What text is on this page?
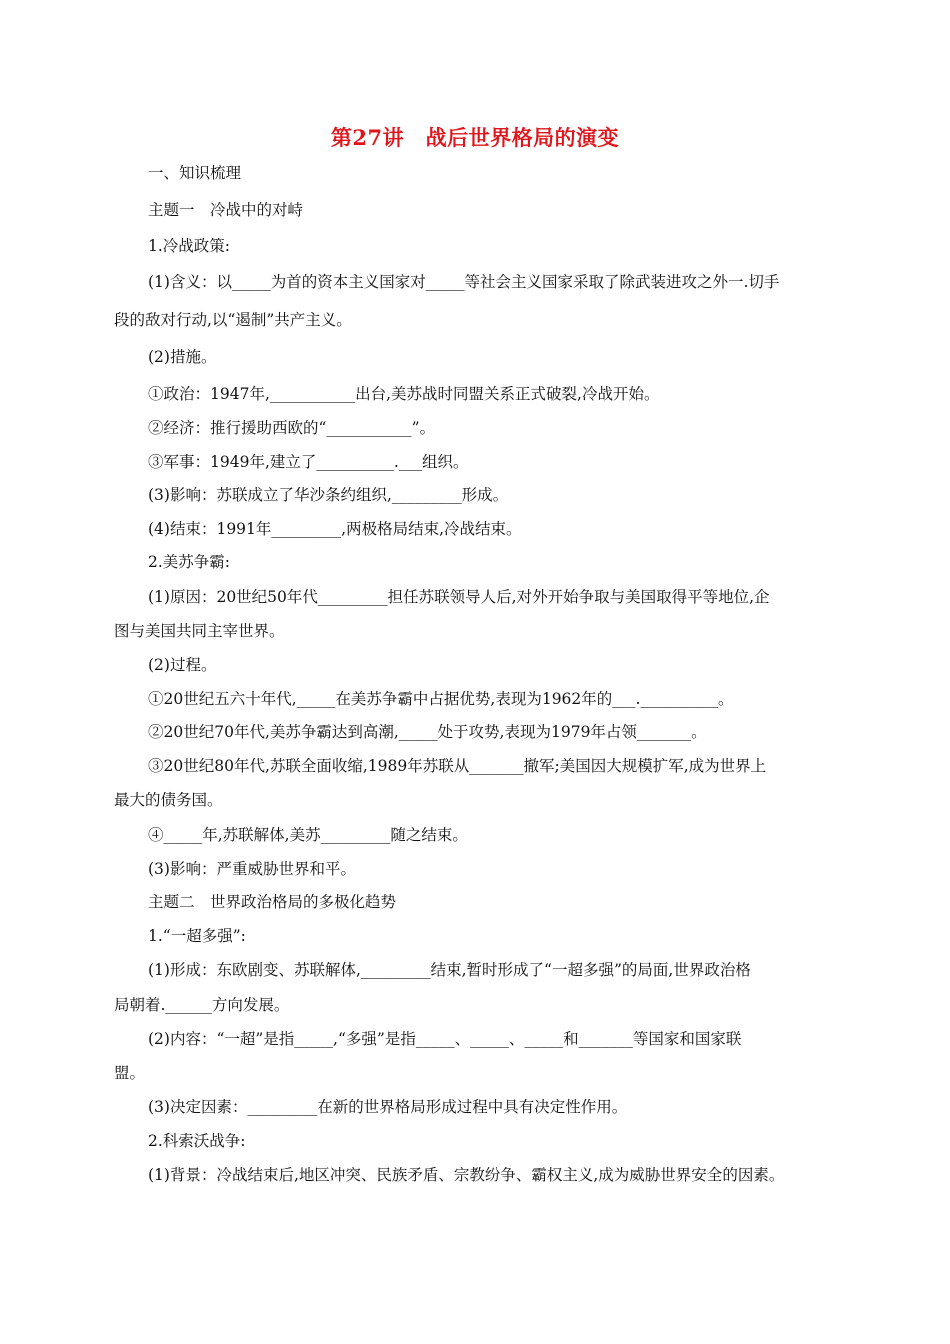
第27讲　战后世界格局的演变
一、知识梳理
主题一　冷战中的对峙
1.冷战政策:
(1)含义：以_____为首的资本主义国家对_____等社会主义国家采取了除武装进攻之外一.切手
段的敌对行动,以“遏制”共产主义。
(2)措施。
①政治：1947年,___________出台,美苏战时同盟关系正式破裂,冷战开始。
②经济：推行援助西欧的“___________”。
③军事：1949年,建立了__________.___组织。
(3)影响：苏联成立了华沙条约组织,_________形成。
(4)结束：1991年_________,两极格局结束,冷战结束。
2.美苏争霸:
(1)原因：20世纪50年代_________担任苏联领导人后,对外开始争取与美国取得平等地位,企
图与美国共同主宰世界。
(2)过程。
①20世纪五六十年代,_____在美苏争霸中占据优势,表现为1962年的___.__________。
②20世纪70年代,美苏争霸达到高潮,_____处于攻势,表现为1979年占领_______。
③20世纪80年代,苏联全面收缩,1989年苏联从_______撤军;美国因大规模扩军,成为世界上
最大的债务国。
④_____年,苏联解体,美苏_________随之结束。
(3)影响：严重威胁世界和平。
主题二　世界政治格局的多极化趋势
1.“一超多强”:
(1)形成：东欧剧变、苏联解体,_________结束,暂时形成了“一超多强”的局面,世界政治格
局朝着.______方向发展。
(2)内容：“一超”是指_____,“多强”是指_____、_____、_____和_______等国家和国家联
盟。
(3)决定因素：_________在新的世界格局形成过程中具有决定性作用。
2.科索沃战争:
(1)背景：冷战结束后,地区冲突、民族矛盾、宗教纷争、霸权主义,成为威胁世界安全的因素。
